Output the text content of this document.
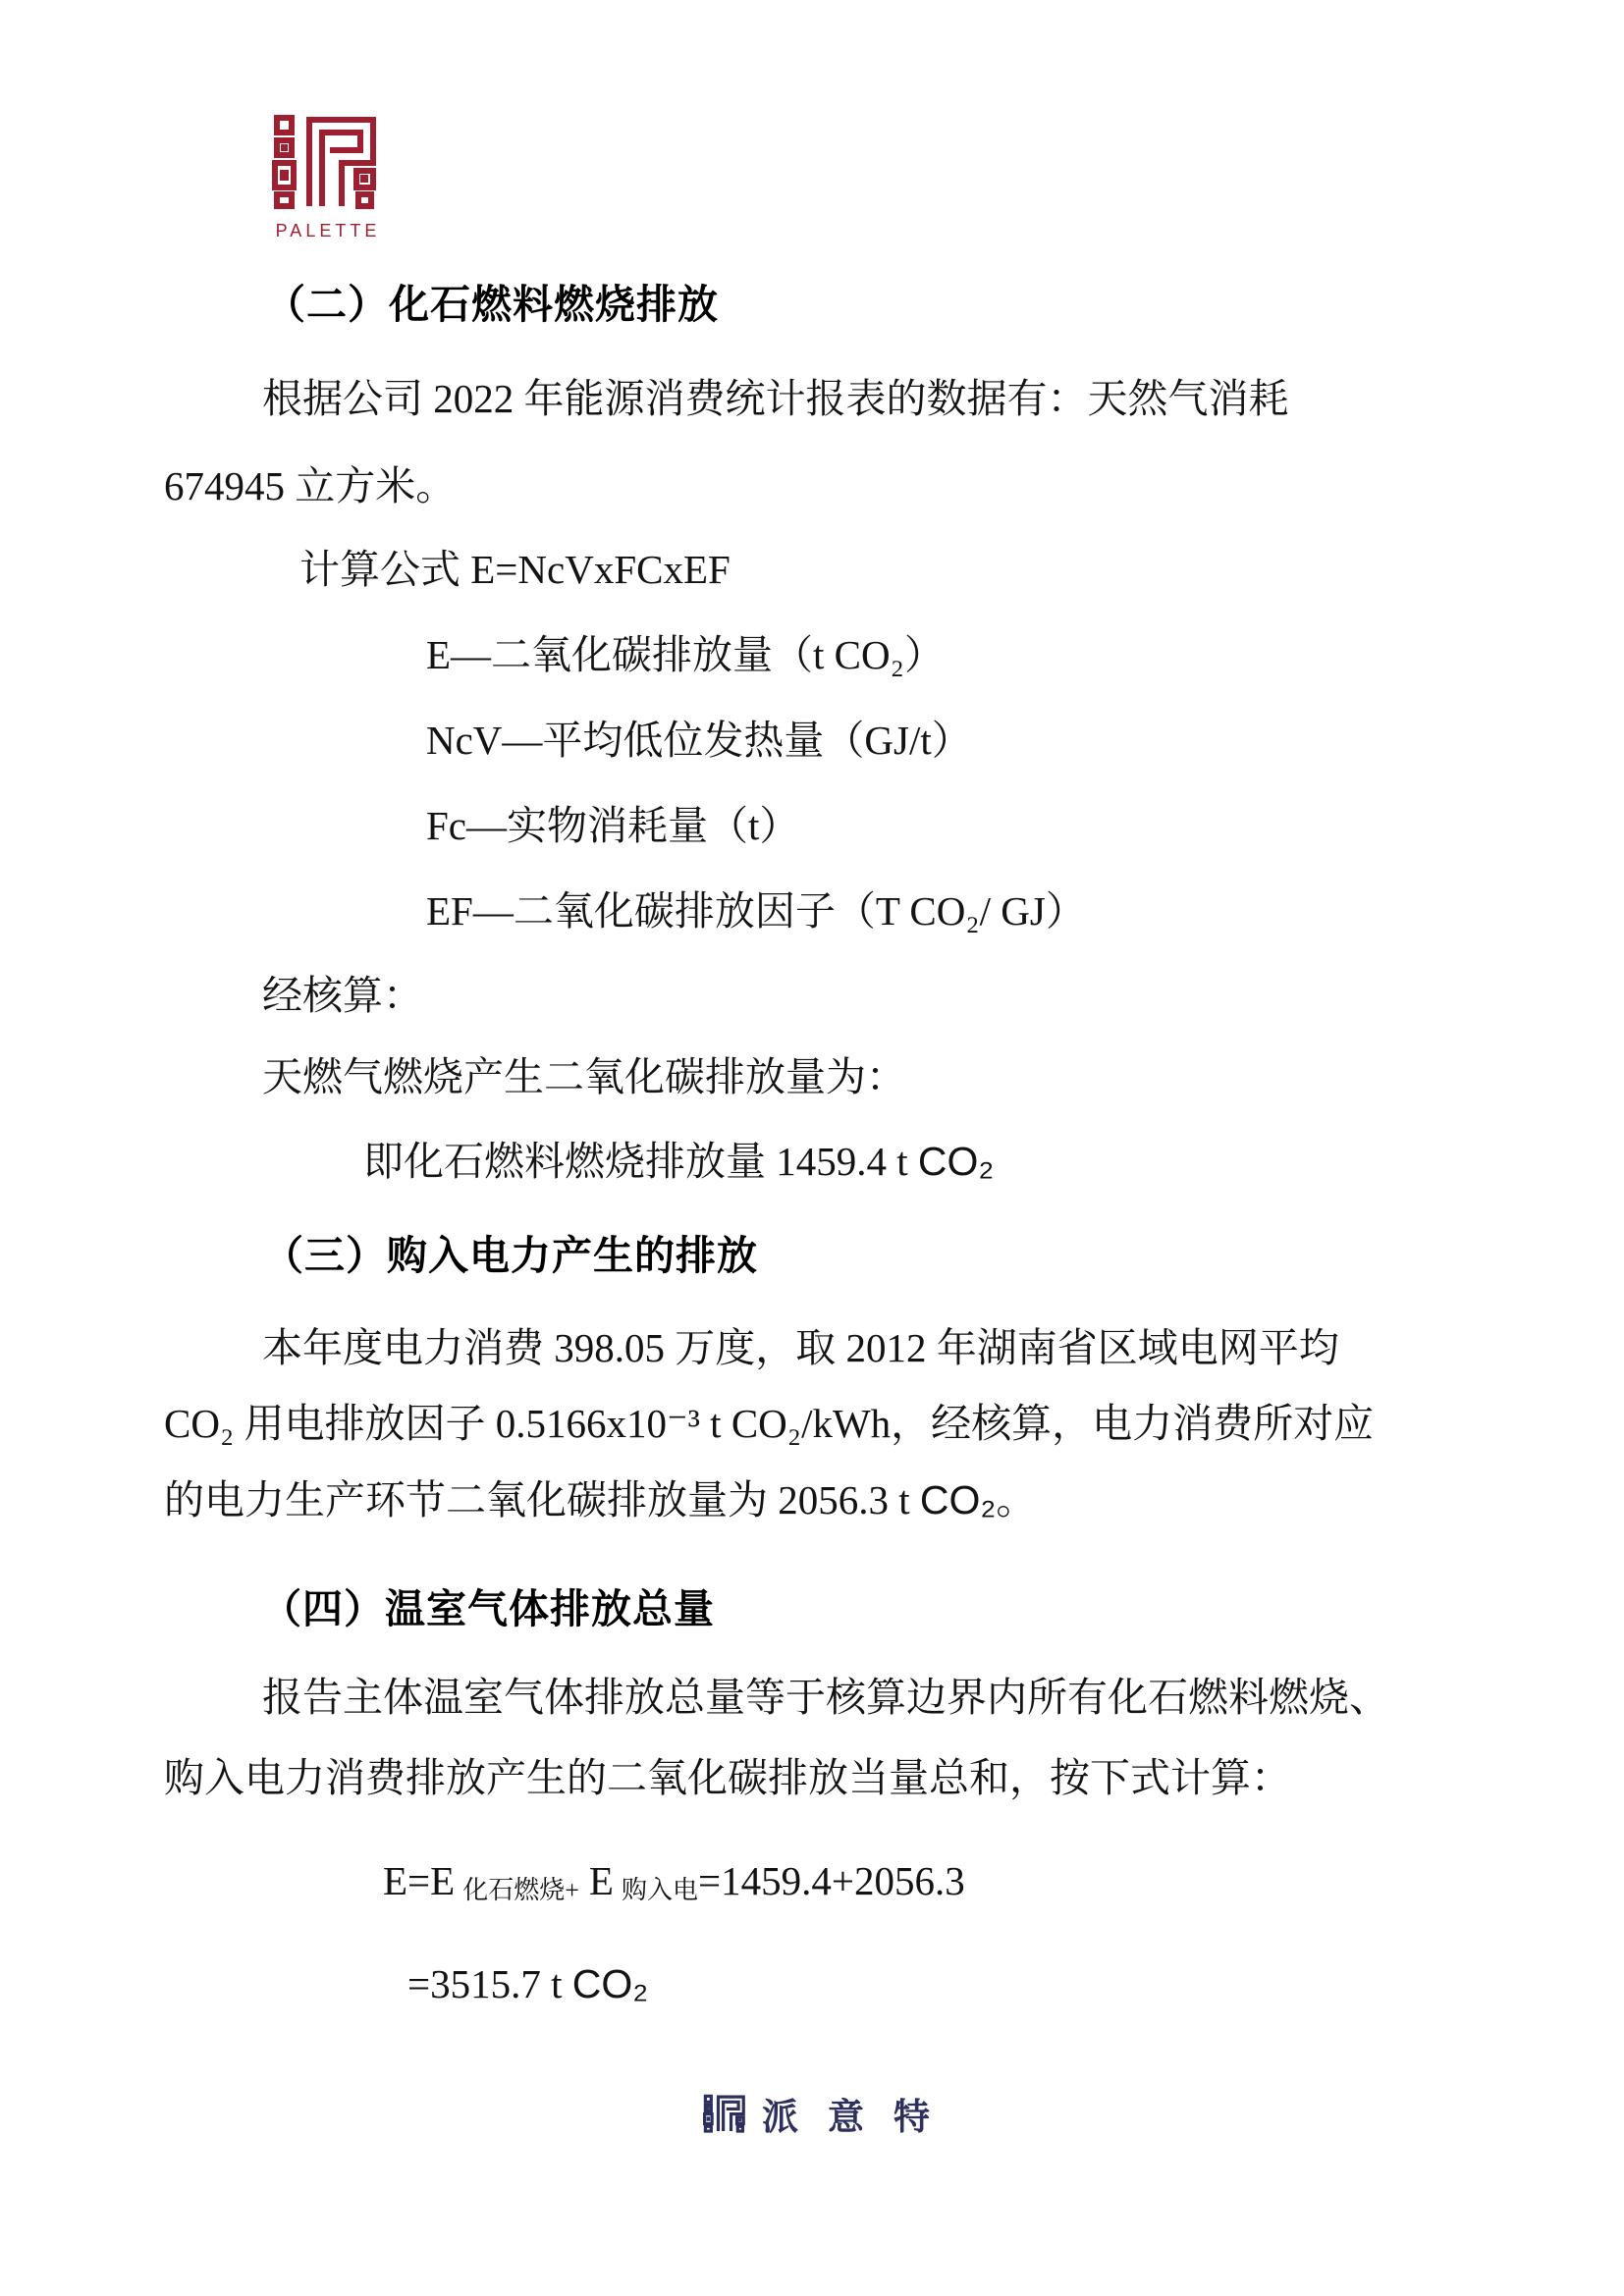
PALETTE
（二）化石燃料燃烧排放
根据公司 2022 年能源消费统计报表的数据有：天然气消耗
674945 立方米。
计算公式 E=NcVxFCxEF
E—二氧化碳排放量（t CO₂）
NcV—平均低位发热量（GJ/t）
Fc—实物消耗量（t）
EF—二氧化碳排放因子（T CO₂/ GJ）
经核算：
天燃气燃烧产生二氧化碳排放量为：
即化石燃料燃烧排放量 1459.4 t CO₂
（三）购入电力产生的排放
本年度电力消费 398.05 万度，取 2012 年湖南省区域电网平均
CO₂ 用电排放因子 0.5166x10⁻³ t CO₂/kWh，经核算，电力消费所对应
的电力生产环节二氧化碳排放量为 2056.3 t CO₂。
（四）温室气体排放总量
报告主体温室气体排放总量等于核算边界内所有化石燃料燃烧、
购入电力消费排放产生的二氧化碳排放当量总和，按下式计算：
E=E 化石燃烧+ E 购入电=1459.4+2056.3
=3515.7 t CO₂
派意特
